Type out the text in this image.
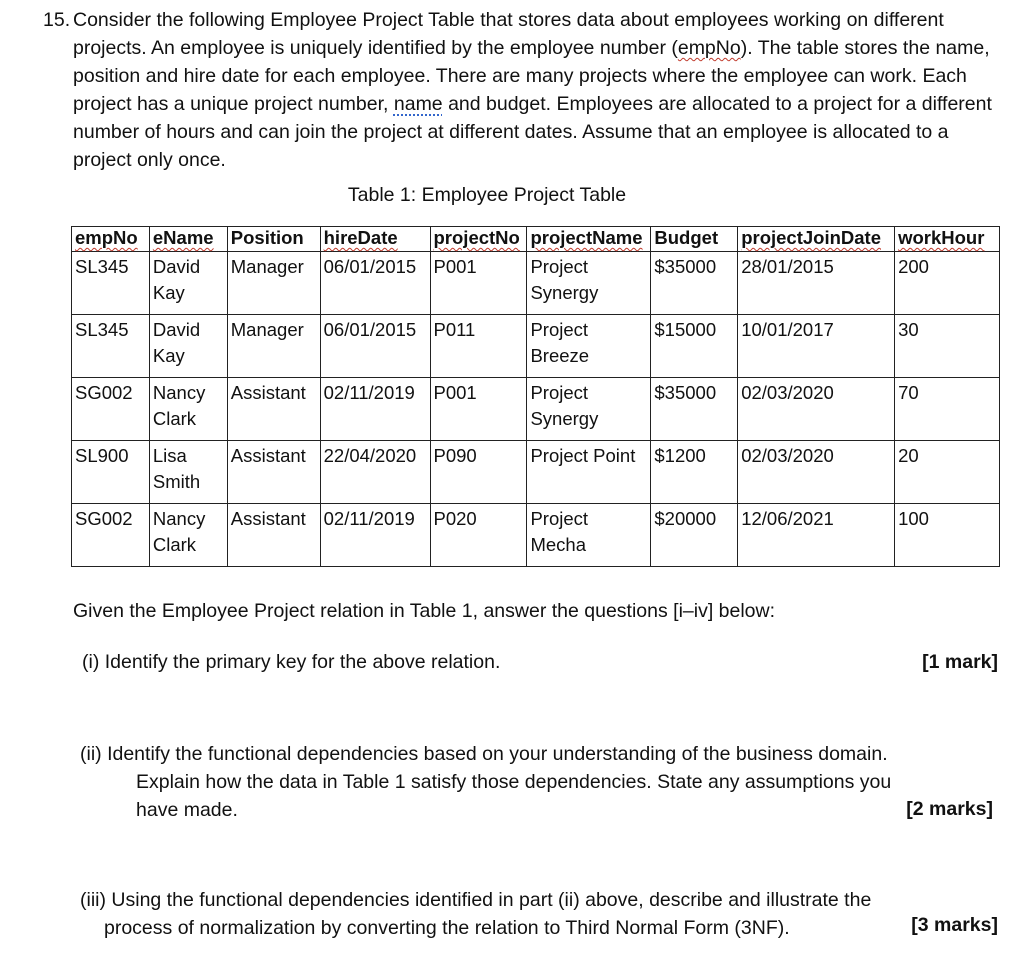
15. Consider the following Employee Project Table that stores data about employees working on different projects. An employee is uniquely identified by the employee number (empNo). The table stores the name, position and hire date for each employee. There are many projects where the employee can work. Each project has a unique project number, name and budget. Employees are allocated to a project for a different number of hours and can join the project at different dates. Assume that an employee is allocated to a project only once.
Table 1: Employee Project Table
empNo	eName	Position	hireDate	projectNo	projectName	Budget	projectJoinDate	workHour
SL345	David Kay	Manager	06/01/2015	P001	Project Synergy	$35000	28/01/2015	200
SL345	David Kay	Manager	06/01/2015	P011	Project Breeze	$15000	10/01/2017	30
SG002	Nancy Clark	Assistant	02/11/2019	P001	Project Synergy	$35000	02/03/2020	70
SL900	Lisa Smith	Assistant	22/04/2020	P090	Project Point	$1200	02/03/2020	20
SG002	Nancy Clark	Assistant	02/11/2019	P020	Project Mecha	$20000	12/06/2021	100
Given the Employee Project relation in Table 1, answer the questions [i–iv] below:
(i) Identify the primary key for the above relation.	[1 mark]
(ii) Identify the functional dependencies based on your understanding of the business domain.
Explain how the data in Table 1 satisfy those dependencies. State any assumptions you
have made.	[2 marks]
(iii) Using the functional dependencies identified in part (ii) above, describe and illustrate the
process of normalization by converting the relation to Third Normal Form (3NF).	[3 marks]
